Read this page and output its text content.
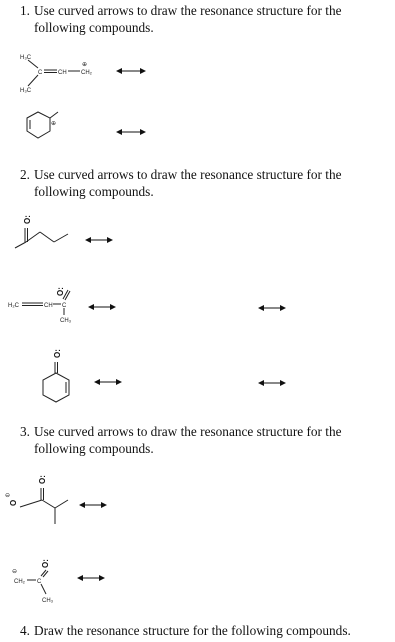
1. Use curved arrows to draw the resonance structure for the
following compounds.
2. Use curved arrows to draw the resonance structure for the
following compounds.
3. Use curved arrows to draw the resonance structure for the
following compounds.
4. Draw the resonance structure for the following compounds.
H₃C
H₃C
C	CH CH₂
⊕
⊕
O:
H₂C	CH C
O:
CH₃
O:
O:
O
⊖
⊖
CH₂ C
O:
CH₃
